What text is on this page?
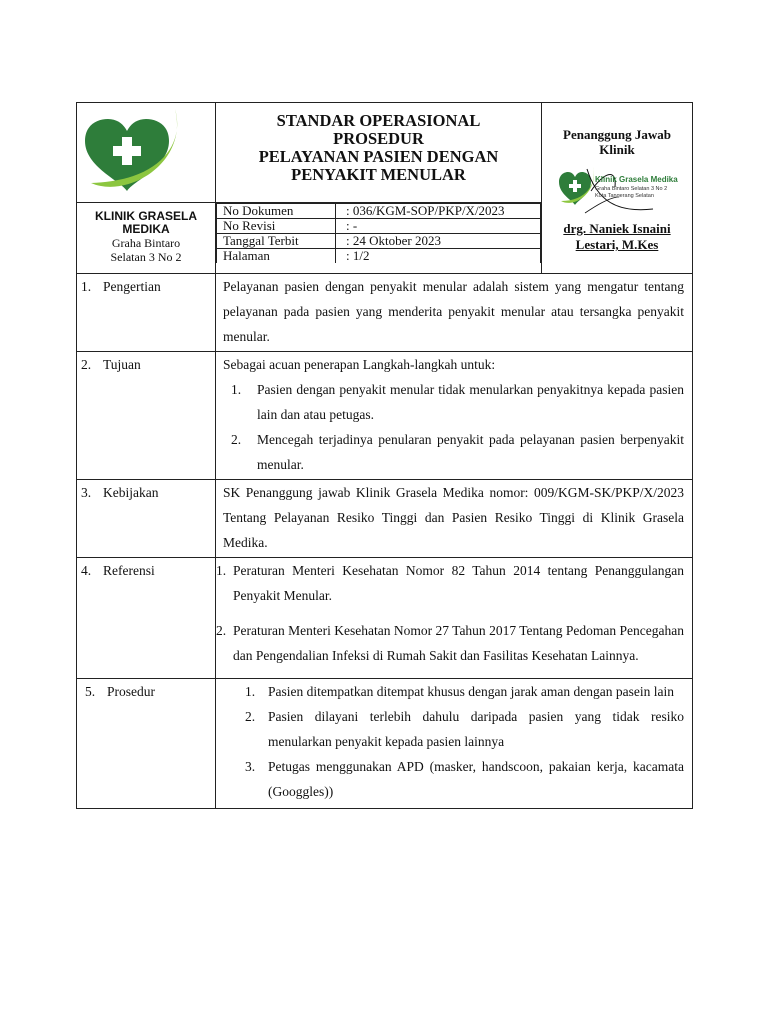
STANDAR OPERASIONAL
PROSEDUR
PELAYANAN PASIEN DENGAN
PENYAKIT MENULAR

Penanggung Jawab Klinik
Klinik Grasela Medika
Graha Bintaro Selatan 3 No 2
Kota Tangerang Selatan
drg. Naniek Isnaini
Lestari, M.Kes

KLINIK GRASELA MEDIKA
Graha Bintaro Selatan 3 No 2

No Dokumen	: 036/KGM-SOP/PKP/X/2023
No Revisi	: -
Tanggal Terbit	: 24 Oktober 2023
Halaman	: 1/2

1. Pengertian	Pelayanan pasien dengan penyakit menular adalah sistem yang mengatur tentang pelayanan pada pasien yang menderita penyakit menular atau tersangka penyakit menular.

2. Tujuan	Sebagai acuan penerapan Langkah-langkah untuk:

1. Pasien dengan penyakit menular tidak menularkan penyakitnya kepada pasien lain dan atau petugas.
2. Mencegah terjadinya penularan penyakit pada pelayanan pasien berpenyakit menular.

3. Kebijakan	SK Penanggung jawab Klinik Grasela Medika nomor: 009/KGM-SK/PKP/X/2023 Tentang Pelayanan Resiko Tinggi dan Pasien Resiko Tinggi di Klinik Grasela Medika.

4. Referensi	1. Peraturan Menteri Kesehatan Nomor 82 Tahun 2014 tentang Penanggulangan Penyakit Menular.
2. Peraturan Menteri Kesehatan Nomor 27 Tahun 2017 Tentang Pedoman Pencegahan dan Pengendalian Infeksi di Rumah Sakit dan Fasilitas Kesehatan Lainnya.

5. Prosedur	1. Pasien ditempatkan ditempat khusus dengan jarak aman dengan pasein lain
2. Pasien dilayani terlebih dahulu daripada pasien yang tidak resiko menularkan penyakit kepada pasien lainnya
3. Petugas menggunakan APD (masker, handscoon, pakaian kerja, kacamata (Googgles))
